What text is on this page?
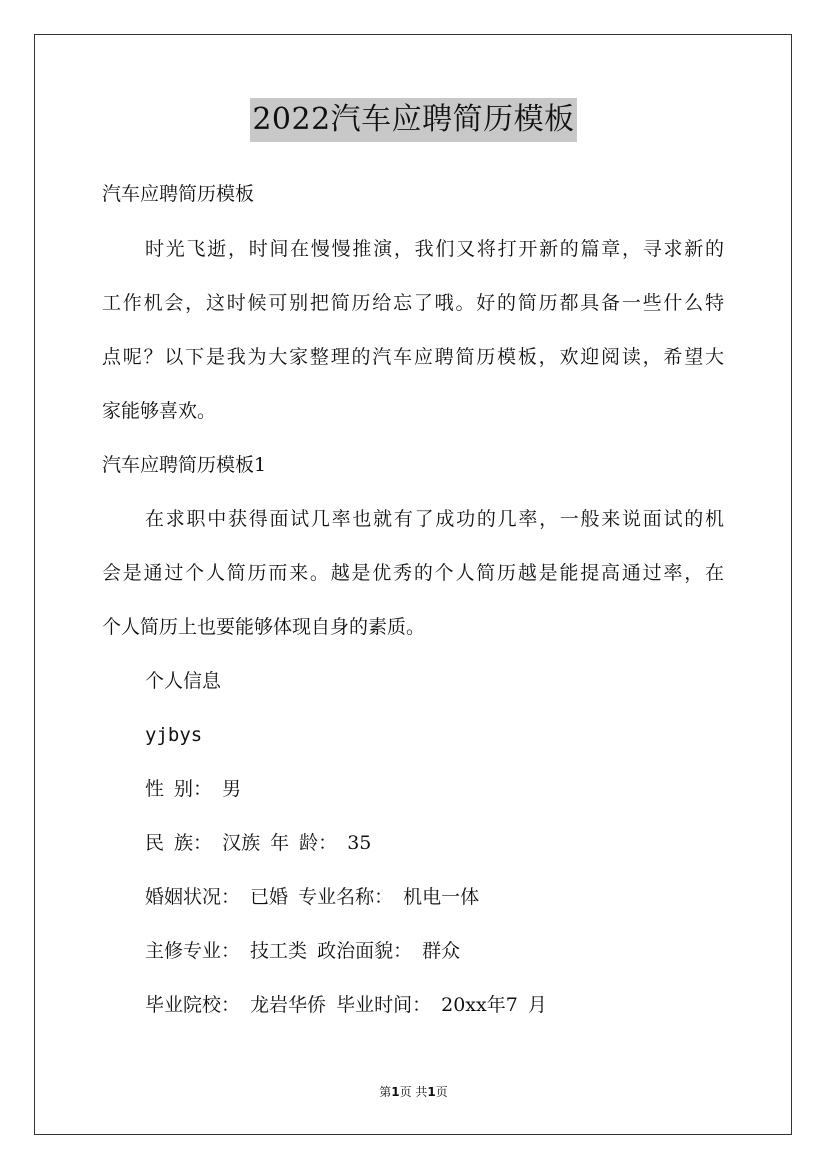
2022汽车应聘简历模板
汽车应聘简历模板
时光飞逝，时间在慢慢推演，我们又将打开新的篇章，寻求新的
工作机会，这时候可别把简历给忘了哦。好的简历都具备一些什么特
点呢？以下是我为大家整理的汽车应聘简历模板，欢迎阅读，希望大
家能够喜欢。
汽车应聘简历模板1
在求职中获得面试几率也就有了成功的几率，一般来说面试的机
会是通过个人简历而来。越是优秀的个人简历越是能提高通过率，在
个人简历上也要能够体现自身的素质。
个人信息
yjbys
性 别： 男
民 族： 汉族 年 龄： 35
婚姻状况： 已婚 专业名称： 机电一体
主修专业： 技工类 政治面貌： 群众
毕业院校： 龙岩华侨 毕业时间： 20xx年7 月
第1页 共1页
